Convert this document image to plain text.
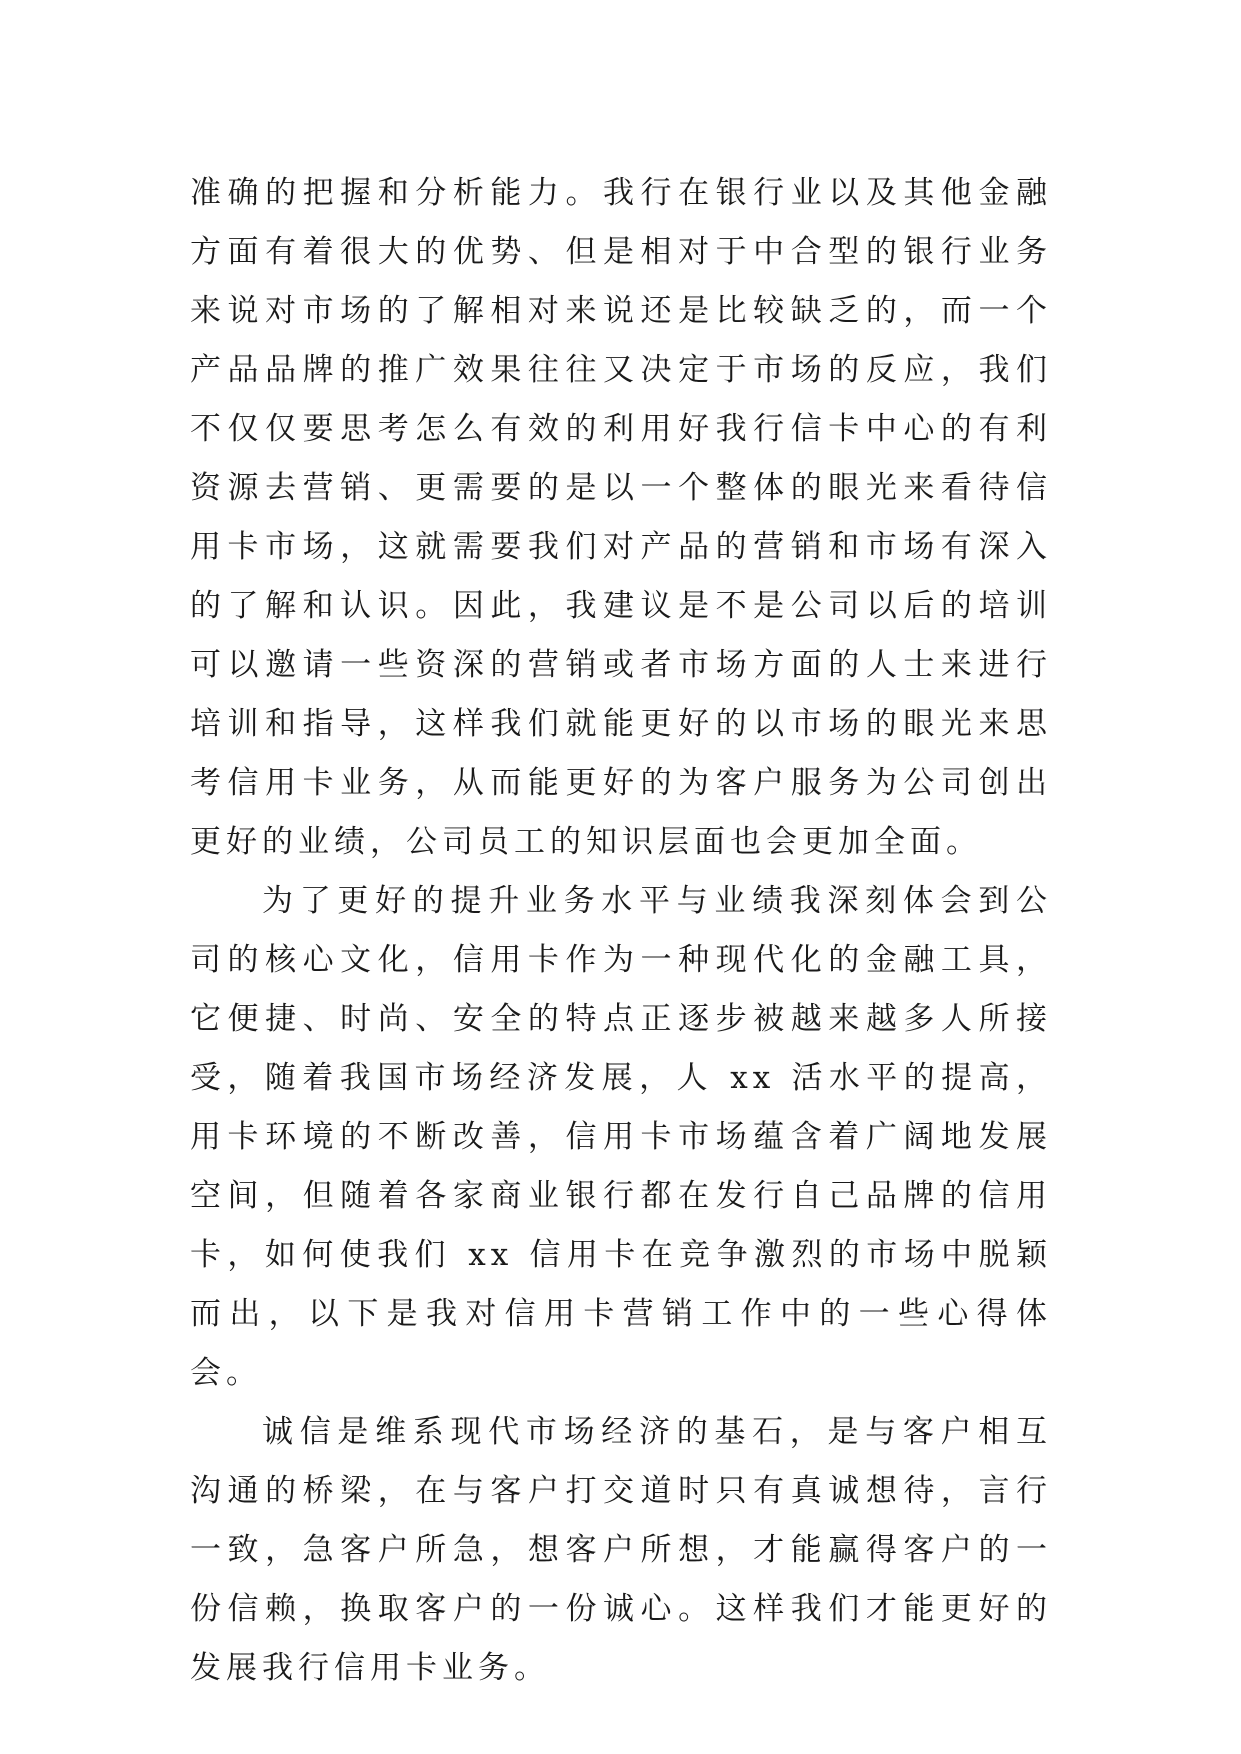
准确的把握和分析能力。我行在银行业以及其他金融方面有着很大的优势、但是相对于中合型的银行业务来说对市场的了解相对来说还是比较缺乏的，而一个产品品牌的推广效果往往又决定于市场的反应，我们不仅仅要思考怎么有效的利用好我行信卡中心的有利资源去营销、更需要的是以一个整体的眼光来看待信用卡市场，这就需要我们对产品的营销和市场有深入的了解和认识。因此，我建议是不是公司以后的培训可以邀请一些资深的营销或者市场方面的人士来进行培训和指导，这样我们就能更好的以市场的眼光来思考信用卡业务，从而能更好的为客户服务为公司创出更好的业绩，公司员工的知识层面也会更加全面。

为了更好的提升业务水平与业绩我深刻体会到公司的核心文化，信用卡作为一种现代化的金融工具，它便捷、时尚、安全的特点正逐步被越来越多人所接受，随着我国市场经济发展，人 xx 活水平的提高，用卡环境的不断改善，信用卡市场蕴含着广阔地发展空间，但随着各家商业银行都在发行自己品牌的信用卡，如何使我们 xx 信用卡在竞争激烈的市场中脱颖而出，以下是我对信用卡营销工作中的一些心得体会。

诚信是维系现代市场经济的基石，是与客户相互沟通的桥梁，在与客户打交道时只有真诚想待，言行一致，急客户所急，想客户所想，才能赢得客户的一份信赖，换取客户的一份诚心。这样我们才能更好的发展我行信用卡业务。
